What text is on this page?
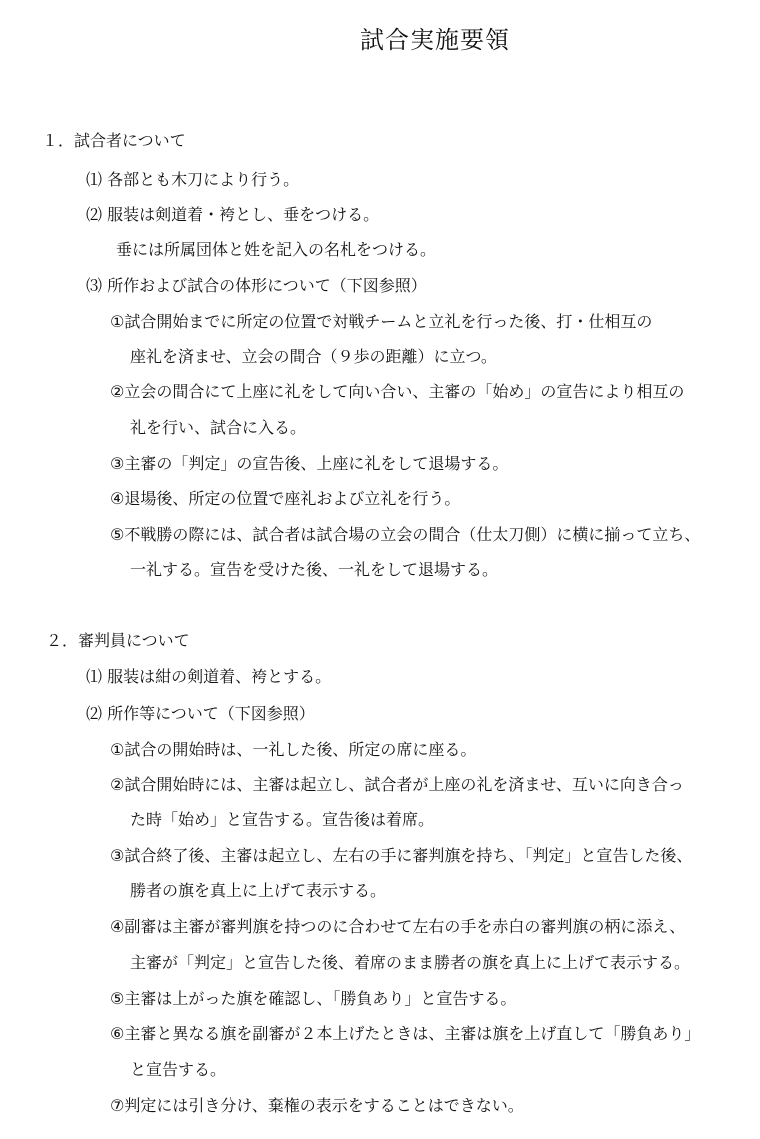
試合実施要領
１．試合者について
⑴ 各部とも木刀により行う。
⑵ 服装は剣道着・袴とし、垂をつける。
垂には所属団体と姓を記入の名札をつける。
⑶ 所作および試合の体形について（下図参照）
①試合開始までに所定の位置で対戦チームと立礼を行った後、打・仕相互の
座礼を済ませ、立会の間合（９歩の距離）に立つ。
②立会の間合にて上座に礼をして向い合い、主審の「始め」の宣告により相互の
礼を行い、試合に入る。
③主審の「判定」の宣告後、上座に礼をして退場する。
④退場後、所定の位置で座礼および立礼を行う。
⑤不戦勝の際には、試合者は試合場の立会の間合（仕太刀側）に横に揃って立ち、
一礼する。宣告を受けた後、一礼をして退場する。
２．審判員について
⑴ 服装は紺の剣道着、袴とする。
⑵ 所作等について（下図参照）
①試合の開始時は、一礼した後、所定の席に座る。
②試合開始時には、主審は起立し、試合者が上座の礼を済ませ、互いに向き合っ
た時「始め」と宣告する。宣告後は着席。
③試合終了後、主審は起立し、左右の手に審判旗を持ち、「判定」と宣告した後、
勝者の旗を真上に上げて表示する。
④副審は主審が審判旗を持つのに合わせて左右の手を赤白の審判旗の柄に添え、
主審が「判定」と宣告した後、着席のまま勝者の旗を真上に上げて表示する。
⑤主審は上がった旗を確認し、「勝負あり」と宣告する。
⑥主審と異なる旗を副審が２本上げたときは、主審は旗を上げ直して「勝負あり」
と宣告する。
⑦判定には引き分け、棄権の表示をすることはできない。
